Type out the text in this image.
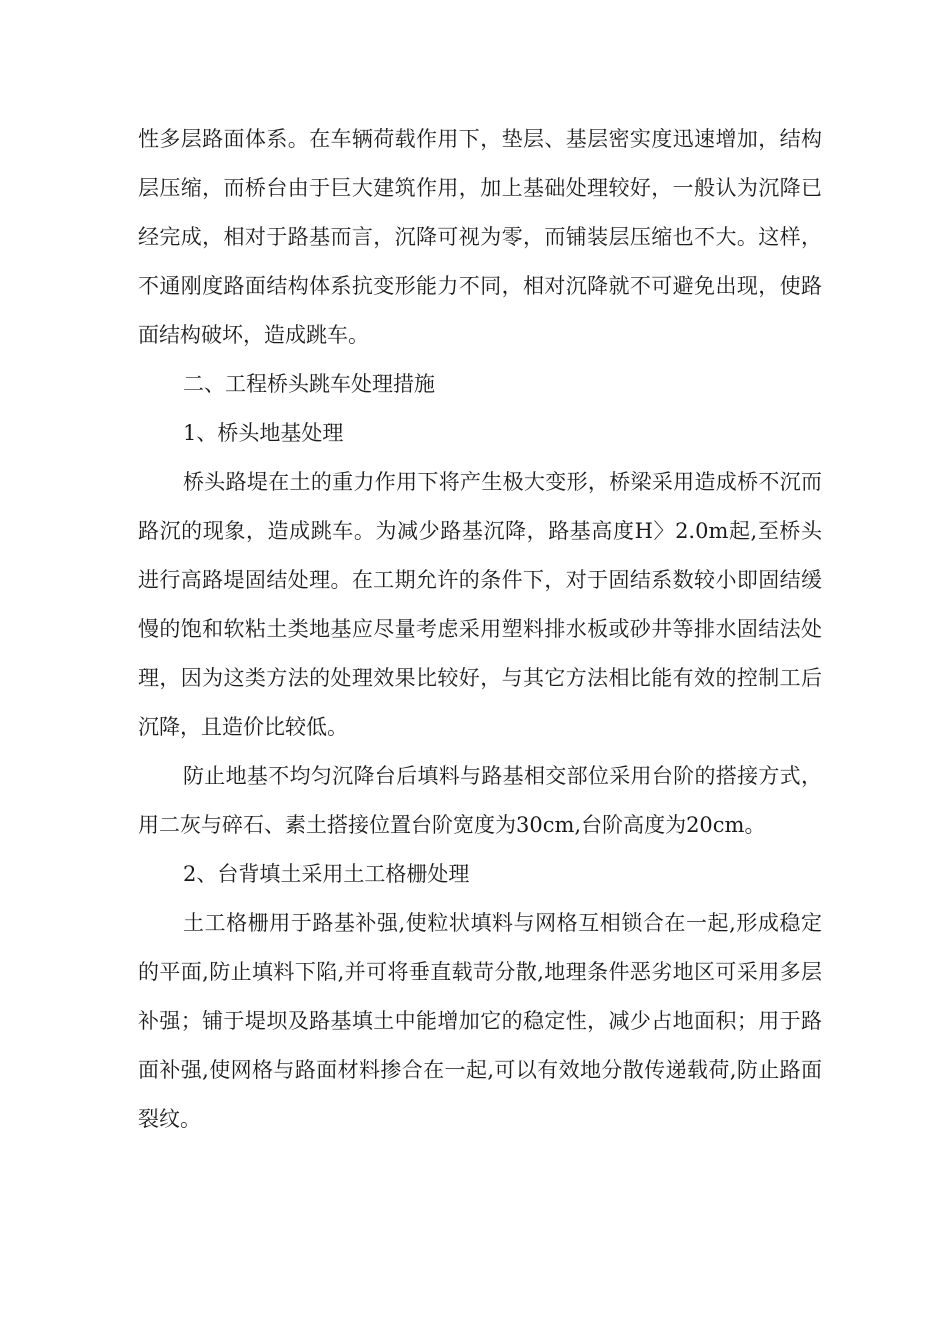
性多层路面体系。在车辆荷载作用下，垫层、基层密实度迅速增加，结构层压缩，而桥台由于巨大建筑作用，加上基础处理较好，一般认为沉降已经完成，相对于路基而言，沉降可视为零，而铺装层压缩也不大。这样，不通刚度路面结构体系抗变形能力不同，相对沉降就不可避免出现，使路面结构破坏，造成跳车。

二、工程桥头跳车处理措施

1、桥头地基处理

桥头路堤在土的重力作用下将产生极大变形，桥梁采用造成桥不沉而路沉的现象，造成跳车。为减少路基沉降，路基高度H〉2.0m起,至桥头进行高路堤固结处理。在工期允许的条件下，对于固结系数较小即固结缓慢的饱和软粘土类地基应尽量考虑采用塑料排水板或砂井等排水固结法处理，因为这类方法的处理效果比较好，与其它方法相比能有效的控制工后沉降，且造价比较低。

防止地基不均匀沉降台后填料与路基相交部位采用台阶的搭接方式，用二灰与碎石、素土搭接位置台阶宽度为30cm,台阶高度为20cm。

2、台背填土采用土工格栅处理

土工格栅用于路基补强,使粒状填料与网格互相锁合在一起,形成稳定的平面,防止填料下陷,并可将垂直载苛分散,地理条件恶劣地区可采用多层补强；铺于堤坝及路基填土中能增加它的稳定性，减少占地面积；用于路面补强,使网格与路面材料掺合在一起,可以有效地分散传递载荷,防止路面裂纹。
